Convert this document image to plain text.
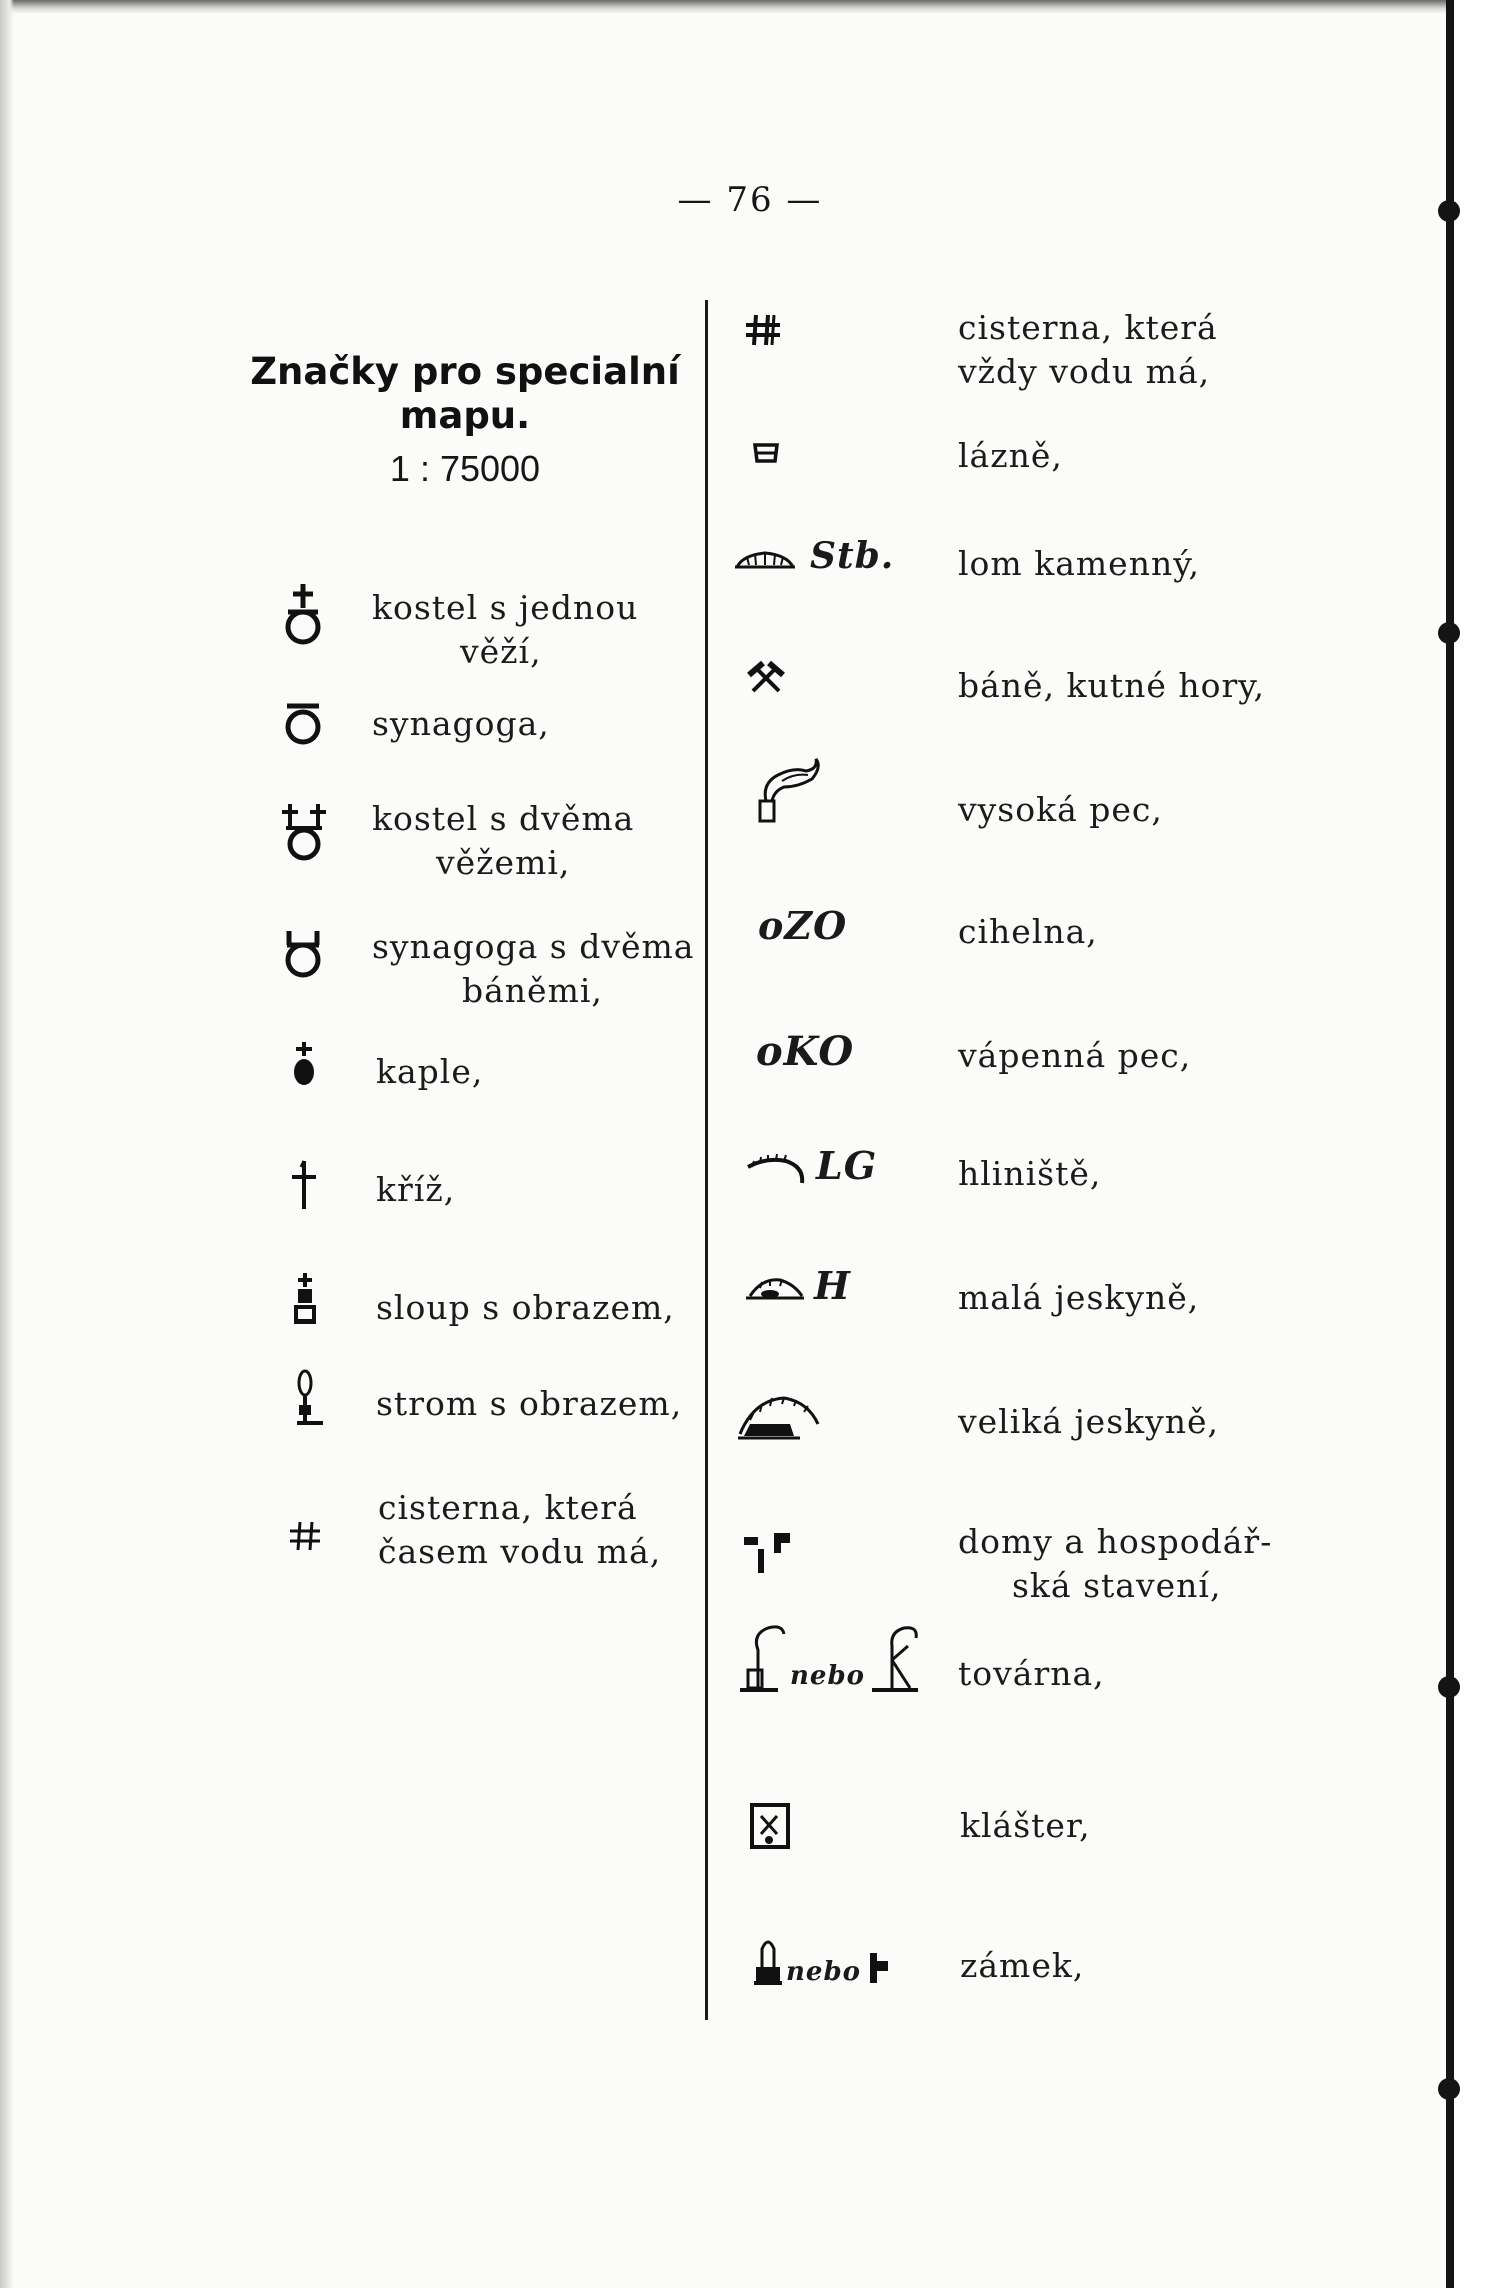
— 76 —
Značky pro specialní
mapu.
1 : 75000
kostel s jednou
věží,
synagoga,
kostel s dvěma
věžemi,
synagoga s dvěma
báněmi,
kaple,
kříž,
sloup s obrazem,
strom s obrazem,
cisterna, která
časem vodu má,
cisterna, která
vždy vodu má,
lázně,
Stb. lom kamenný,
báně, kutné hory,
vysoká pec,
oZO	cihelna,
oKO	vápenná pec,
LG hliniště,
H	malá jeskyně,
veliká jeskyně,
domy a hospodář-
ská stavení,
nebo	továrna,
klášter,
nebo	zámek,
